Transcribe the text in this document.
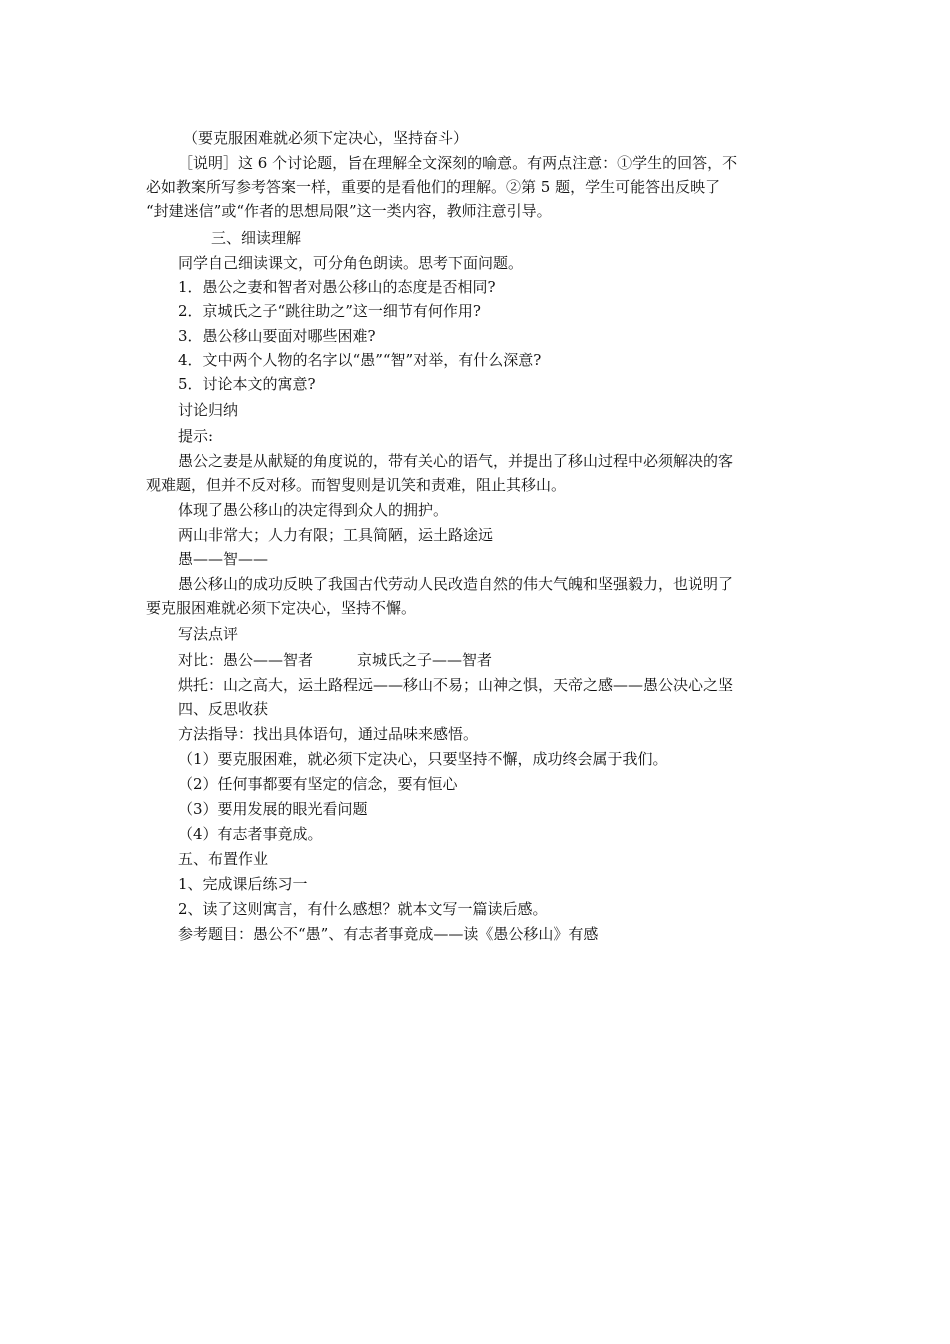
（要克服困难就必须下定决心，坚持奋斗）
［说明］这 6 个讨论题，旨在理解全文深刻的喻意。有两点注意：①学生的回答，不
必如教案所写参考答案一样，重要的是看他们的理解。②第 5 题，学生可能答出反映了
“封建迷信”或“作者的思想局限”这一类内容，教师注意引导。
三、细读理解
同学自己细读课文，可分角色朗读。思考下面问题。
1．愚公之妻和智者对愚公移山的态度是否相同?
2．京城氏之子“跳往助之”这一细节有何作用?
3．愚公移山要面对哪些困难?
4．文中两个人物的名字以“愚”“智”对举，有什么深意?
5．讨论本文的寓意?
讨论归纳
提示:
愚公之妻是从献疑的角度说的，带有关心的语气，并提出了移山过程中必须解决的客
观难题，但并不反对移。而智叟则是讥笑和责难，阻止其移山。
体现了愚公移山的决定得到众人的拥护。
两山非常大；人力有限；工具简陋，运土路途远
愚——智——
愚公移山的成功反映了我国古代劳动人民改造自然的伟大气魄和坚强毅力，也说明了
要克服困难就必须下定决心，坚持不懈。
写法点评
对比：愚公——智者	京城氏之子——智者
烘托：山之高大，运土路程远——移山不易；山神之惧，天帝之感——愚公决心之坚
四、反思收获
方法指导：找出具体语句，通过品味来感悟。
（1）要克服困难，就必须下定决心，只要坚持不懈，成功终会属于我们。
（2）任何事都要有坚定的信念，要有恒心
（3）要用发展的眼光看问题
（4）有志者事竟成。
五、布置作业
1、完成课后练习一
2、读了这则寓言，有什么感想？就本文写一篇读后感。
参考题目：愚公不“愚”、有志者事竟成——读《愚公移山》有感
